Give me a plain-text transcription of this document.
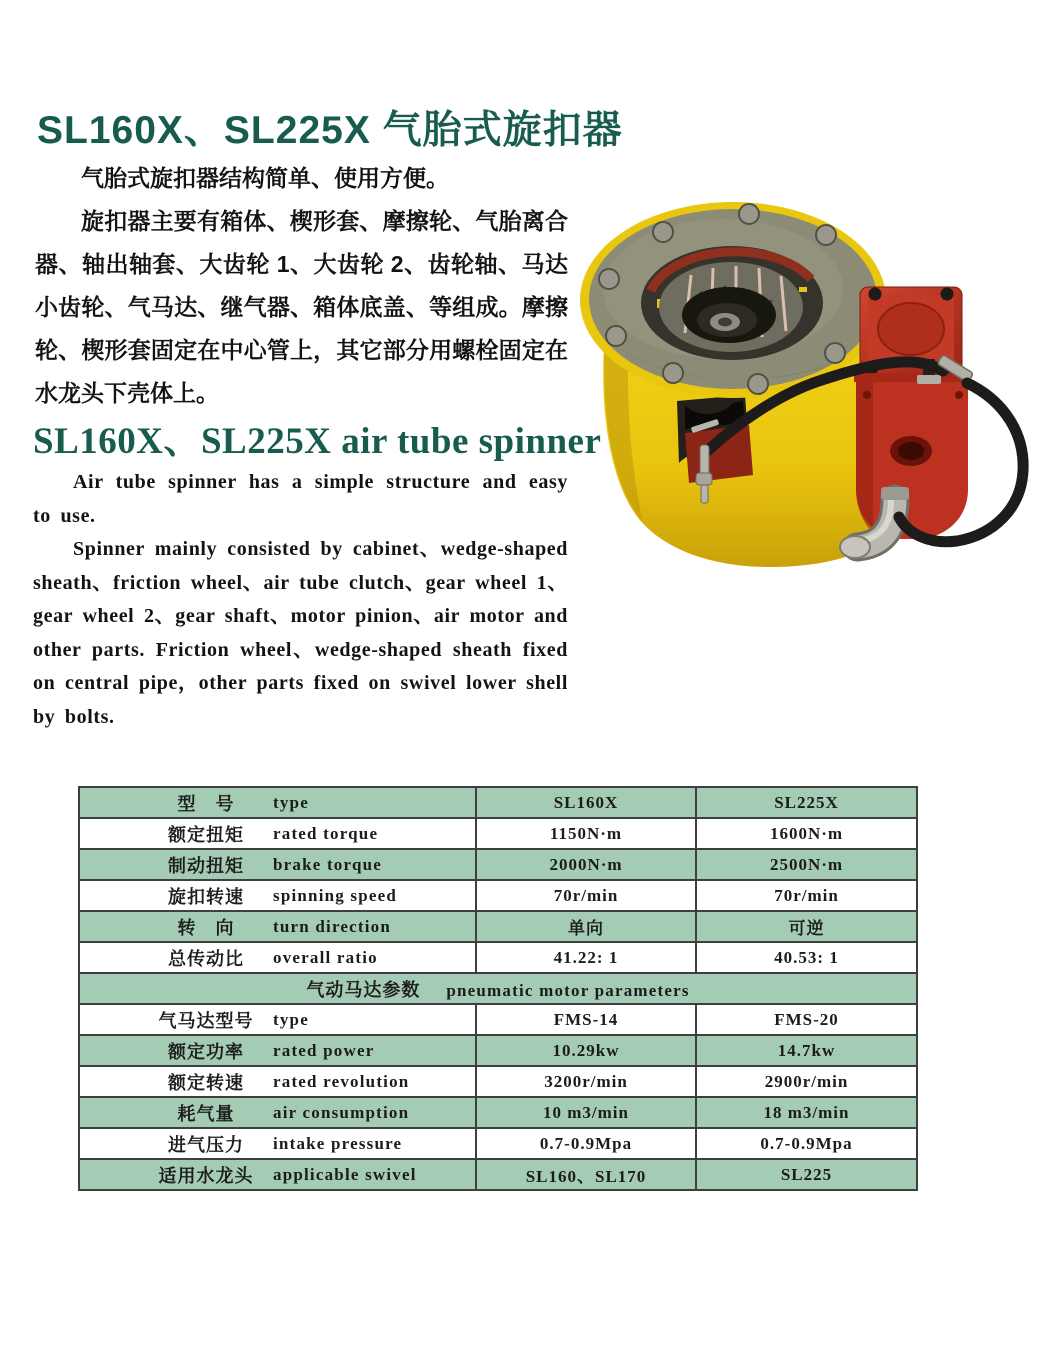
SL160X、SL225X 气胎式旋扣器

气胎式旋扣器结构简单、使用方便。

旋扣器主要有箱体、楔形套、摩擦轮、气胎离合器、轴出轴套、大齿轮 1、大齿轮 2、齿轮轴、马达小齿轮、气马达、继气器、箱体底盖、等组成。摩擦轮、楔形套固定在中心管上，其它部分用螺栓固定在水龙头下壳体上。

SL160X、SL225X air tube spinner

Air tube spinner has a simple structure and easy to use.

Spinner mainly consisted by cabinet、wedge-shaped sheath、friction wheel、air tube clutch、gear wheel 1、gear wheel 2、gear shaft、motor pinion、air motor and other parts. Friction wheel、wedge-shaped sheath fixed on central pipe，other parts fixed on swivel lower shell by bolts.

型　号 type	SL160X	SL225X

额定扭矩 rated torque	1150N·m	1600N·m

制动扭矩 brake torque	2000N·m	2500N·m

旋扣转速 spinning speed	70r/min	70r/min

转　向 turn direction	单向	可逆

总传动比 overall ratio	41.22: 1	40.53: 1
气动马达参数 pneumatic motor parameters		

气马达型号 type	FMS-14	FMS-20

额定功率 rated power	10.29kw	14.7kw

额定转速 rated revolution	3200r/min	2900r/min

耗气量 air consumption	10 m3/min	18 m3/min

进气压力 intake pressure	0.7-0.9Mpa	0.7-0.9Mpa

适用水龙头 applicable swivel	SL160、SL170	SL225
